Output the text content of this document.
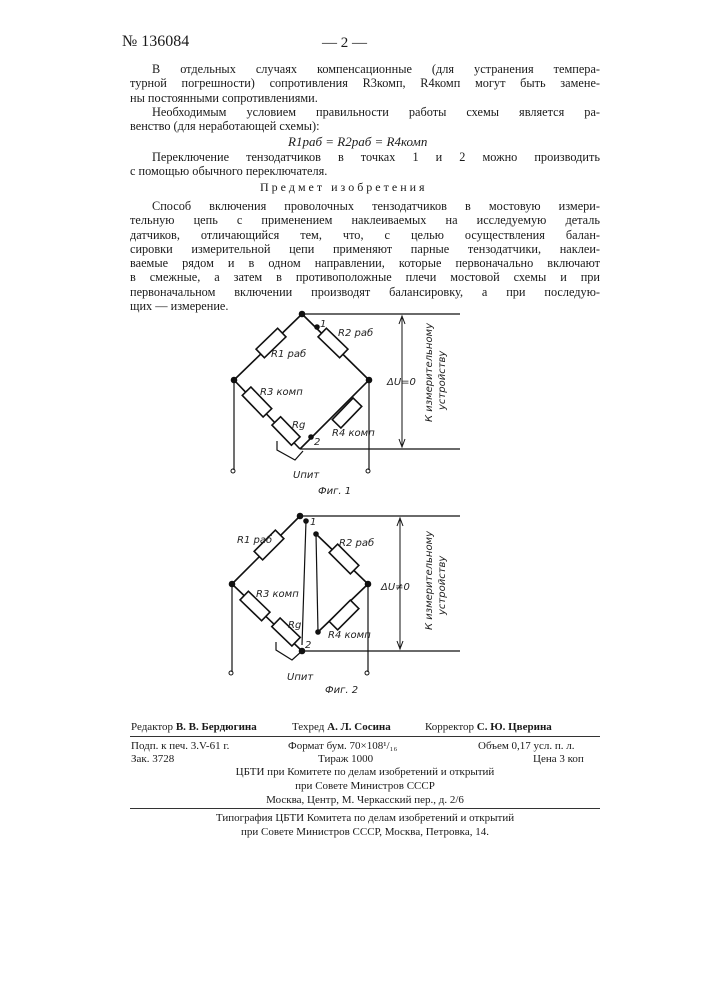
№ 136084	— 2 —
В отдельных случаях компенсационные (для устранения темпера-
турной погрешности) сопротивления R3комп, R4комп могут быть замене-
ны постоянными сопротивлениями.
Необходимым условием правильности работы схемы является ра-
венство (для неработающей схемы):
R1раб = R2раб = R4комп
Переключение тензодатчиков в точках 1 и 2 можно производить
с помощью обычного переключателя.
Предмет изобретения
Способ включения проволочных тензодатчиков в мостовую измери-
тельную цепь с применением наклеиваемых на исследуемую деталь
датчиков, отличающийся тем, что, с целью осуществления балан-
сировки измерительной цепи применяют парные тензодатчики, наклеи-
ваемые рядом и в одном направлении, которые первоначально включают
в смежные, а затем в противоположные плечи мостовой схемы и при
первоначальном включении производят балансировку, а при последую-
щих — измерение.
R1 раб
R2 раб
R3 комп
Rg
R4 комп
1
2
Uпит
ΔU=0 К измерительному устройству
Фиг. 1
R1 раб	R2 раб
R3 комп
Rg
R4 комп
1
2
Uпит
ΔU≠0 К измерительному устройству
Фиг. 2
Редактор В. В. Бердюгина	Техред А. Л. Сосина	Корректор С. Ю. Цверина
Подп. к печ. 3.V-61 г.	Формат бум. 70×108¹/₁₆	Объем 0,17 усл. п. л.
Зак. 3728	Тираж 1000	Цена 3 коп
ЦБТИ при Комитете по делам изобретений и открытий
при Совете Министров СССР
Москва, Центр, М. Черкасский пер., д. 2/6
Типография ЦБТИ Комитета по делам изобретений и открытий
при Совете Министров СССР, Москва, Петровка, 14.
